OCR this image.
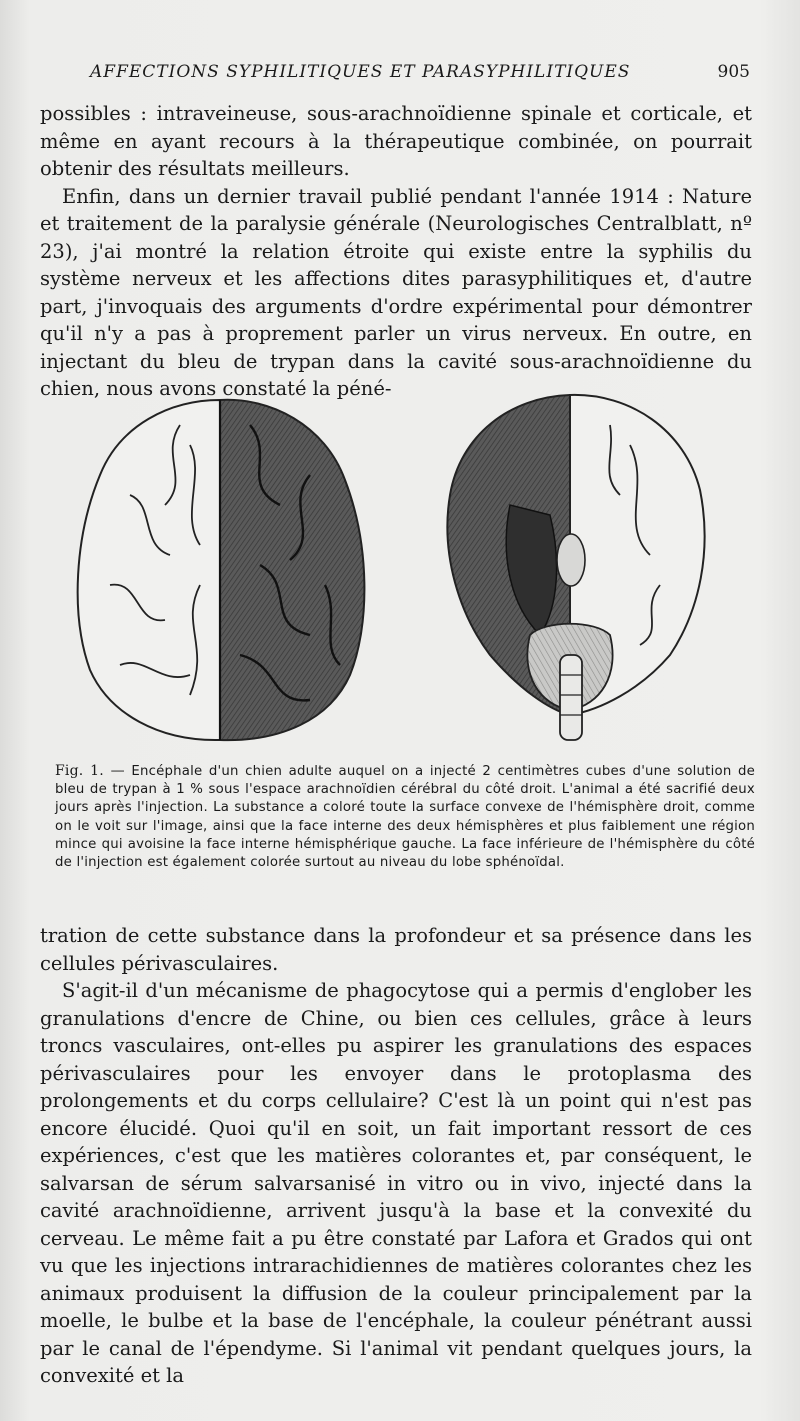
AFFECTIONS SYPHILITIQUES ET PARASYPHILITIQUES	905

possibles : intraveineuse, sous-arachnoïdienne spinale et corticale, et même en ayant recours à la thérapeutique combinée, on pourrait obtenir des résultats meilleurs.

Enfin, dans un dernier travail publié pendant l'année 1914 : Nature et traitement de la paralysie générale (Neurologisches Centralblatt, nº 23), j'ai montré la relation étroite qui existe entre la syphilis du système nerveux et les affections dites parasyphilitiques et, d'autre part, j'invoquais des arguments d'ordre expérimental pour démontrer qu'il n'y a pas à proprement parler un virus nerveux. En outre, en injectant du bleu de trypan dans la cavité sous-arachnoïdienne du chien, nous avons constaté la péné-

Fig. 1. — Encéphale d'un chien adulte auquel on a injecté 2 centimètres cubes d'une solution de bleu de trypan à 1 % sous l'espace arachnoïdien cérébral du côté droit. L'animal a été sacrifié deux jours après l'injection. La substance a coloré toute la surface convexe de l'hémisphère droit, comme on le voit sur l'image, ainsi que la face interne des deux hémisphères et plus faiblement une région mince qui avoisine la face interne hémisphérique gauche. La face inférieure de l'hémisphère du côté de l'injection est également colorée surtout au niveau du lobe sphénoïdal.

tration de cette substance dans la profondeur et sa présence dans les cellules périvasculaires.

S'agit-il d'un mécanisme de phagocytose qui a permis d'englober les granulations d'encre de Chine, ou bien ces cellules, grâce à leurs troncs vasculaires, ont-elles pu aspirer les granulations des espaces périvasculaires pour les envoyer dans le protoplasma des prolongements et du corps cellulaire? C'est là un point qui n'est pas encore élucidé. Quoi qu'il en soit, un fait important ressort de ces expériences, c'est que les matières colorantes et, par conséquent, le salvarsan de sérum salvarsanisé in vitro ou in vivo, injecté dans la cavité arachnoïdienne, arrivent jusqu'à la base et la convexité du cerveau. Le même fait a pu être constaté par Lafora et Grados qui ont vu que les injections intrarachidiennes de matières colorantes chez les animaux produisent la diffusion de la couleur principalement par la moelle, le bulbe et la base de l'encéphale, la couleur pénétrant aussi par le canal de l'épendyme. Si l'animal vit pendant quelques jours, la convexité et la
